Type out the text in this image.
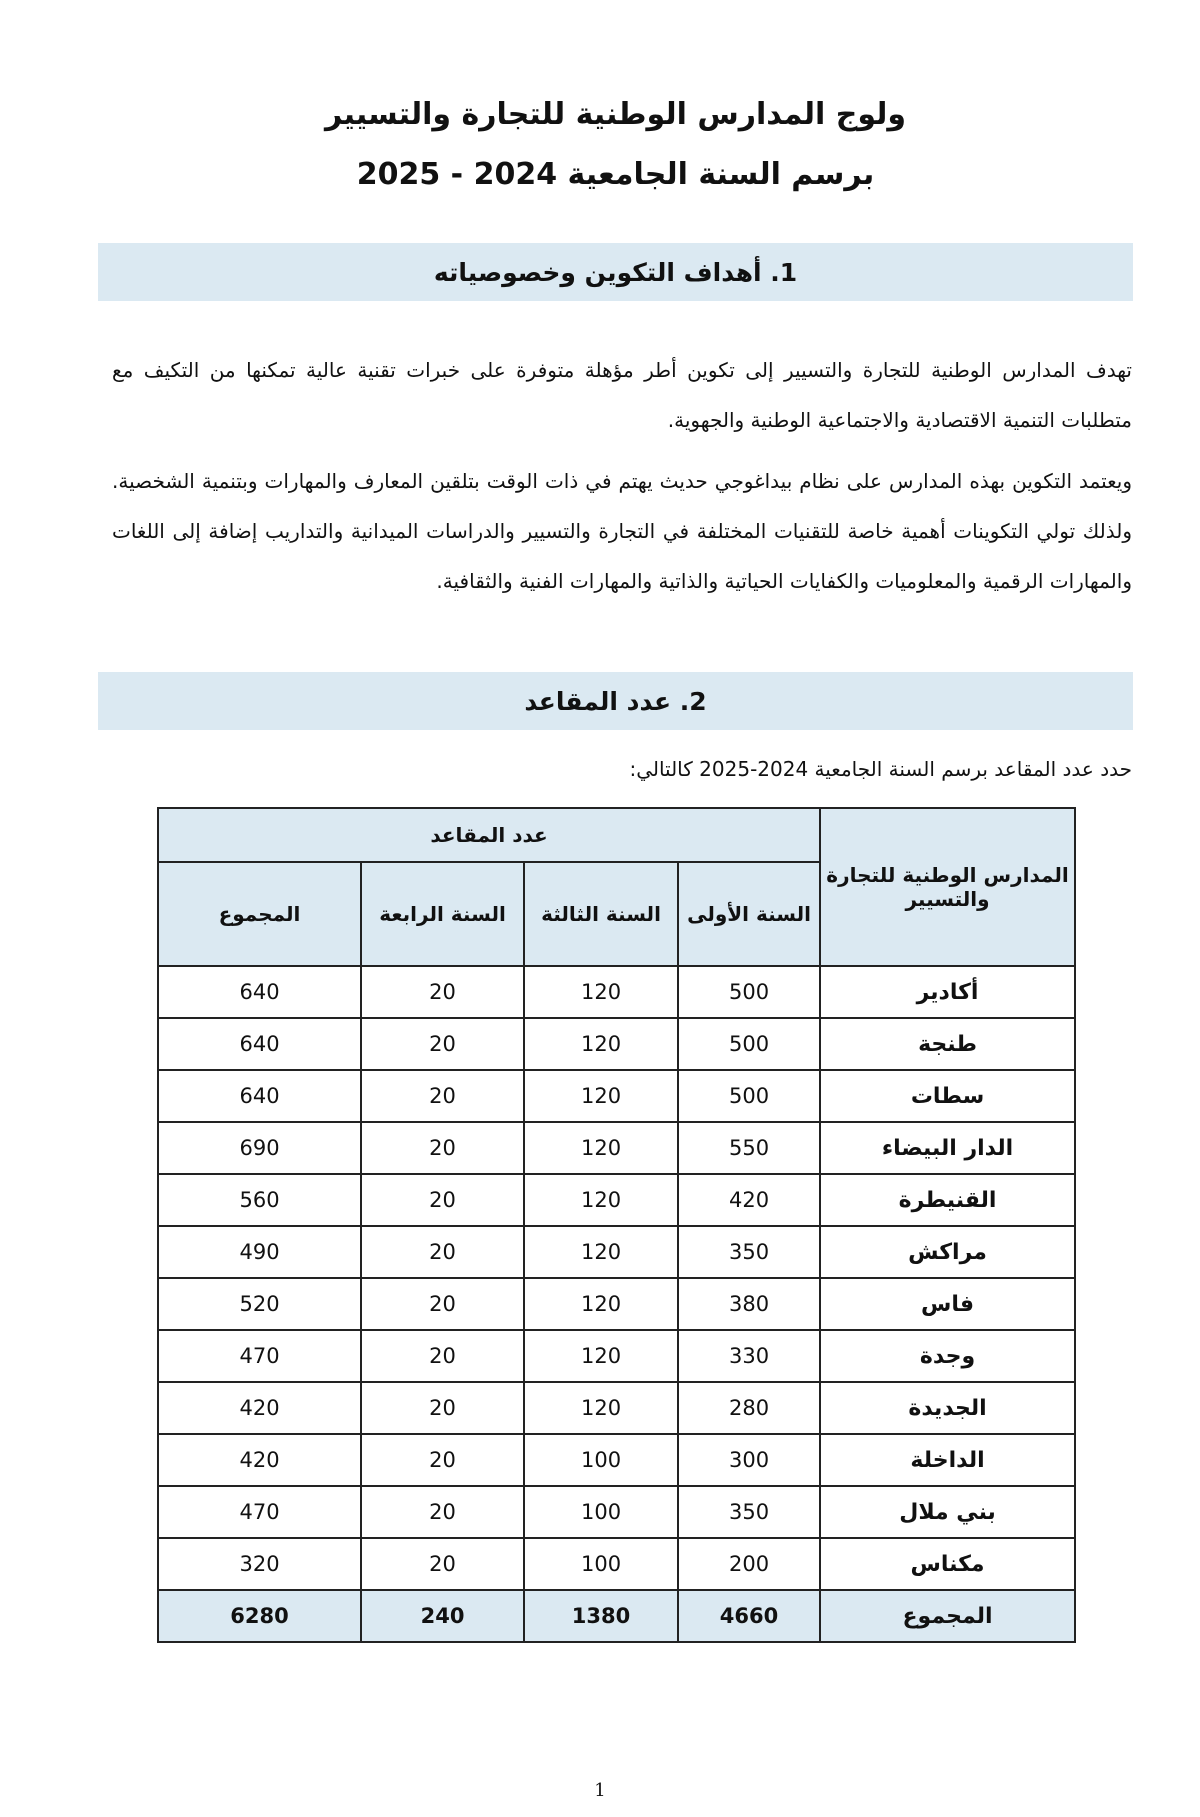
ولوج المدارس الوطنية للتجارة والتسيير
برسم السنة الجامعية 2024 - 2025
1. أهداف التكوين وخصوصياته

تهدف المدارس الوطنية للتجارة والتسيير إلى تكوين أطر مؤهلة متوفرة على خبرات تقنية عالية تمكنها من التكيف مع متطلبات التنمية الاقتصادية والاجتماعية الوطنية والجهوية.

ويعتمد التكوين بهذه المدارس على نظام بيداغوجي حديث يهتم في ذات الوقت بتلقين المعارف والمهارات وبتنمية الشخصية. ولذلك تولي التكوينات أهمية خاصة للتقنيات المختلفة في التجارة والتسيير والدراسات الميدانية والتداريب إضافة إلى اللغات والمهارات الرقمية والمعلوميات والكفايات الحياتية والذاتية والمهارات الفنية والثقافية.

2. عدد المقاعد
حدد عدد المقاعد برسم السنة الجامعية 2024-2025 كالتالي:
المدارس الوطنية للتجارة والتسيير	عدد المقاعد			
	السنة الأولى	السنة الثالثة	السنة الرابعة	المجموع
أكادير	500	120	20	640
طنجة	500	120	20	640
سطات	500	120	20	640
الدار البيضاء	550	120	20	690
القنيطرة	420	120	20	560
مراكش	350	120	20	490
فاس	380	120	20	520
وجدة	330	120	20	470
الجديدة	280	120	20	420
الداخلة	300	100	20	420
بني ملال	350	100	20	470
مكناس	200	100	20	320
المجموع	4660	1380	240	6280
1
